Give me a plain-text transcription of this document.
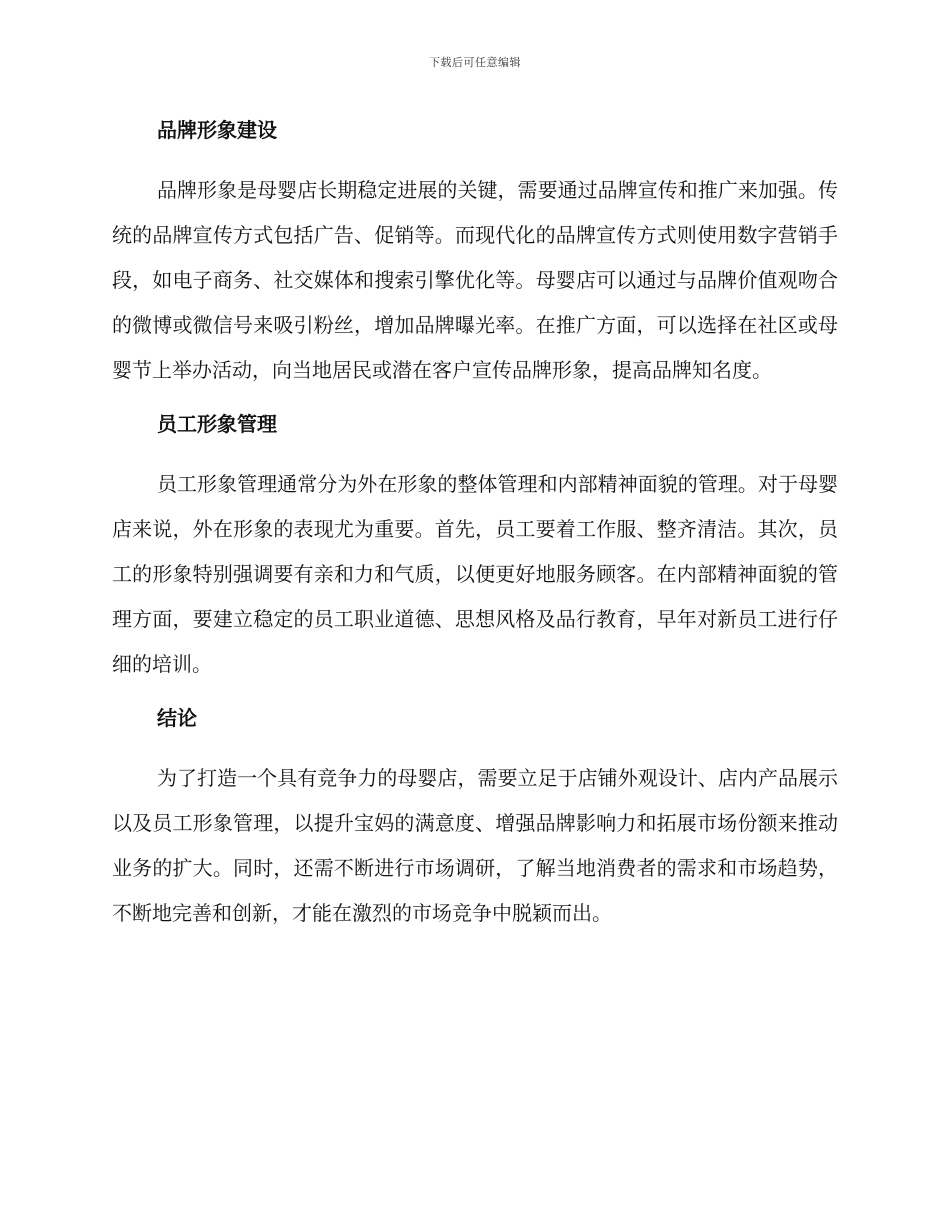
下载后可任意编辑
品牌形象建设

品牌形象是母婴店长期稳定进展的关键，需要通过品牌宣传和推广来加强。传统的品牌宣传方式包括广告、促销等。而现代化的品牌宣传方式则使用数字营销手段，如电子商务、社交媒体和搜索引擎优化等。母婴店可以通过与品牌价值观吻合的微博或微信号来吸引粉丝，增加品牌曝光率。在推广方面，可以选择在社区或母婴节上举办活动，向当地居民或潜在客户宣传品牌形象，提高品牌知名度。

员工形象管理

员工形象管理通常分为外在形象的整体管理和内部精神面貌的管理。对于母婴店来说，外在形象的表现尤为重要。首先，员工要着工作服、整齐清洁。其次，员工的形象特别强调要有亲和力和气质，以便更好地服务顾客。在内部精神面貌的管理方面，要建立稳定的员工职业道德、思想风格及品行教育，早年对新员工进行仔细的培训。

结论

为了打造一个具有竞争力的母婴店，需要立足于店铺外观设计、店内产品展示以及员工形象管理，以提升宝妈的满意度、增强品牌影响力和拓展市场份额来推动业务的扩大。同时，还需不断进行市场调研，了解当地消费者的需求和市场趋势，不断地完善和创新，才能在激烈的市场竞争中脱颖而出。
